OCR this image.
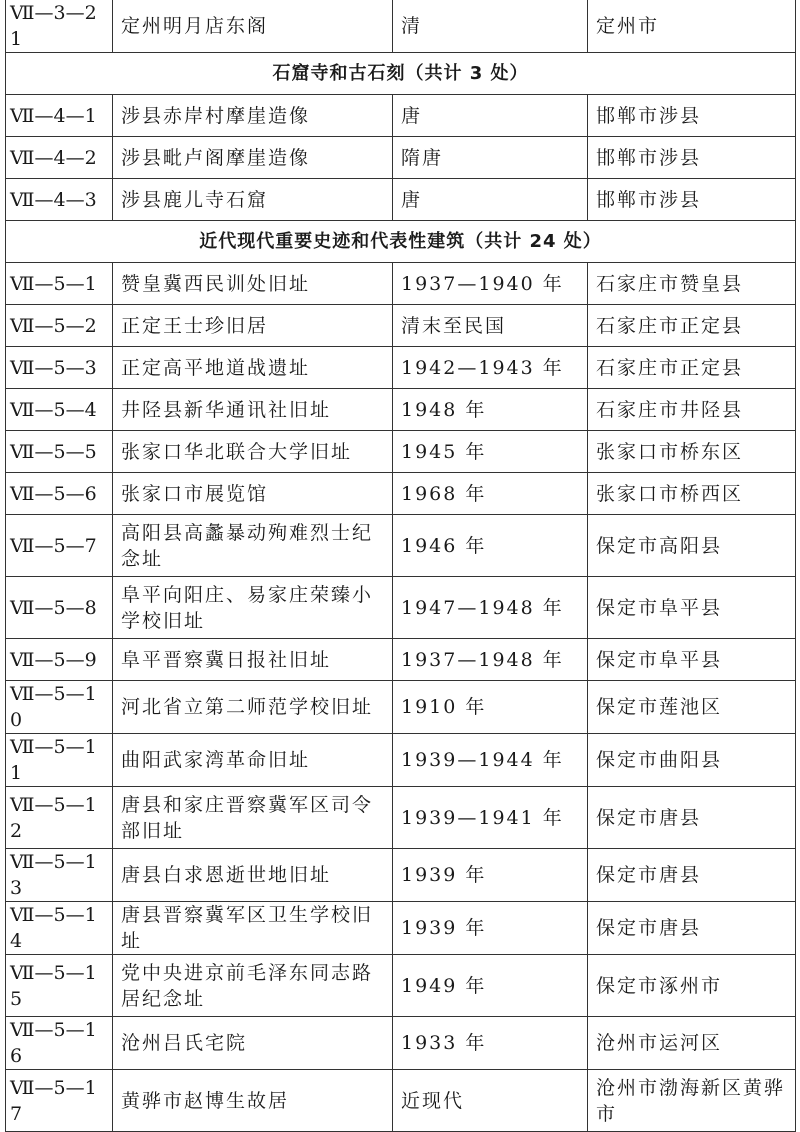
Ⅶ—3—21	定州明月店东阁	清	定州市
石窟寺和古石刻（共计 3 处）			
Ⅶ—4—1	涉县赤岸村摩崖造像	唐	邯郸市涉县
Ⅶ—4—2	涉县毗卢阁摩崖造像	隋唐	邯郸市涉县
Ⅶ—4—3	涉县鹿儿寺石窟	唐	邯郸市涉县
近代现代重要史迹和代表性建筑（共计 24 处）			
Ⅶ—5—1	赞皇冀西民训处旧址	1937—1940 年	石家庄市赞皇县
Ⅶ—5—2	正定王士珍旧居	清末至民国	石家庄市正定县
Ⅶ—5—3	正定高平地道战遗址	1942—1943 年	石家庄市正定县
Ⅶ—5—4	井陉县新华通讯社旧址	1948 年	石家庄市井陉县
Ⅶ—5—5	张家口华北联合大学旧址	1945 年	张家口市桥东区
Ⅶ—5—6	张家口市展览馆	1968 年	张家口市桥西区
Ⅶ—5—7	高阳县高蠡暴动殉难烈士纪念址	1946 年	保定市高阳县
Ⅶ—5—8	阜平向阳庄、易家庄荣臻小学校旧址	1947—1948 年	保定市阜平县
Ⅶ—5—9	阜平晋察冀日报社旧址	1937—1948 年	保定市阜平县
Ⅶ—5—10	河北省立第二师范学校旧址	1910 年	保定市莲池区
Ⅶ—5—11	曲阳武家湾革命旧址	1939—1944 年	保定市曲阳县
Ⅶ—5—12	唐县和家庄晋察冀军区司令部旧址	1939—1941 年	保定市唐县
Ⅶ—5—13	唐县白求恩逝世地旧址	1939 年	保定市唐县
Ⅶ—5—14	唐县晋察冀军区卫生学校旧址	1939 年	保定市唐县
Ⅶ—5—15	党中央进京前毛泽东同志路居纪念址	1949 年	保定市涿州市
Ⅶ—5—16	沧州吕氏宅院	1933 年	沧州市运河区
Ⅶ—5—17	黄骅市赵博生故居	近现代	沧州市渤海新区黄骅市
